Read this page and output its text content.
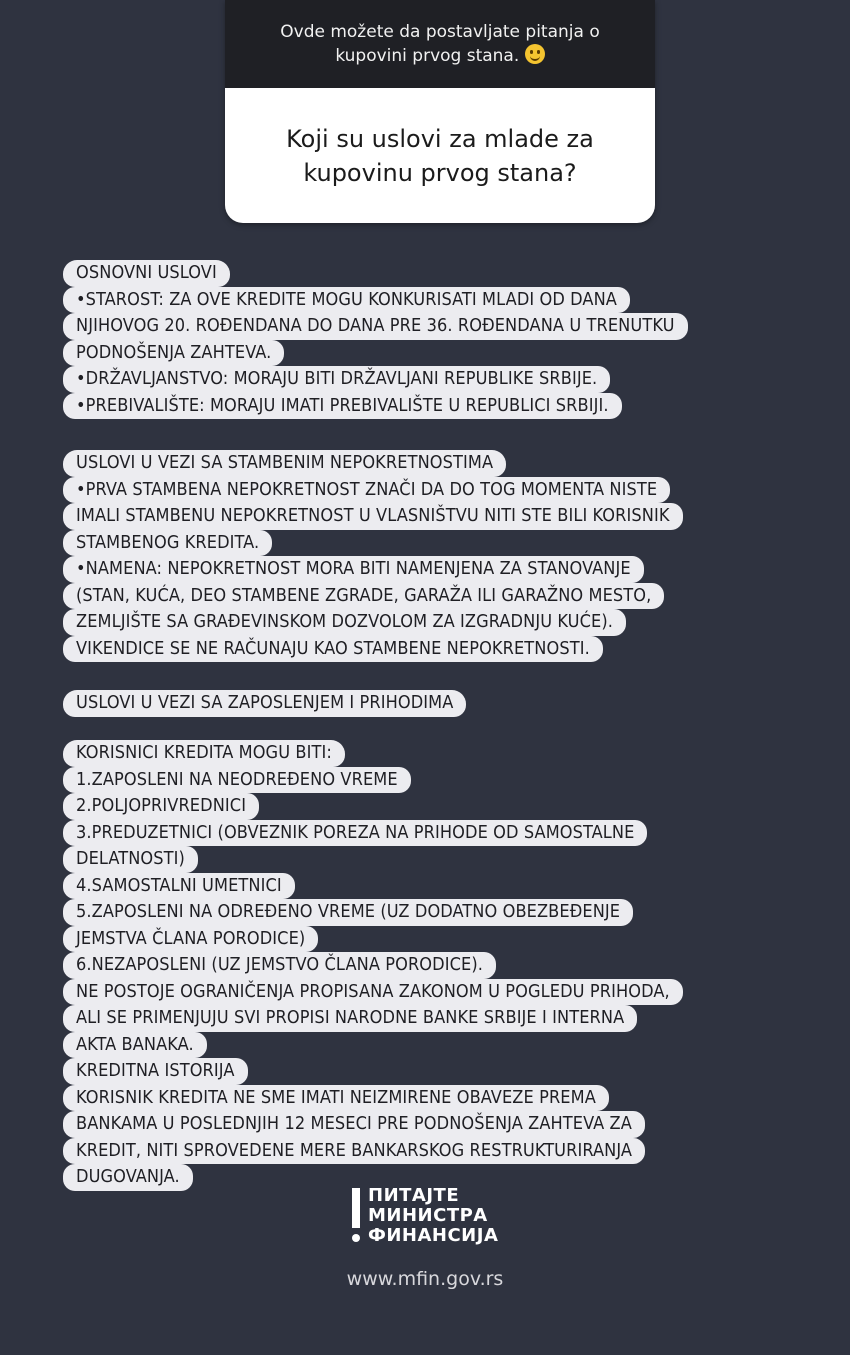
Ovde možete da postavljate pitanja o kupovini prvog stana.
Koji su uslovi za mlade za kupovinu prvog stana?
OSNOVNI USLOVI
•STAROST: ZA OVE KREDITE MOGU KONKURISATI MLADI OD DANA
NJIHOVOG 20. ROĐENDANA DO DANA PRE 36. ROĐENDANA U TRENUTKU
PODNOŠENJA ZAHTEVA.
•DRŽAVLJANSTVO: MORAJU BITI DRŽAVLJANI REPUBLIKE SRBIJE.
•PREBIVALIŠTE: MORAJU IMATI PREBIVALIŠTE U REPUBLICI SRBIJI.
USLOVI U VEZI SA STAMBENIM NEPOKRETNOSTIMA
•PRVA STAMBENA NEPOKRETNOST ZNAČI DA DO TOG MOMENTA NISTE
IMALI STAMBENU NEPOKRETNOST U VLASNIŠTVU NITI STE BILI KORISNIK
STAMBENOG KREDITA.
•NAMENA: NEPOKRETNOST MORA BITI NAMENJENA ZA STANOVANJE
(STAN, KUĆA, DEO STAMBENE ZGRADE, GARAŽA ILI GARAŽNO MESTO,
ZEMLJIŠTE SA GRAĐEVINSKOM DOZVOLOM ZA IZGRADNJU KUĆE).
VIKENDICE SE NE RAČUNAJU KAO STAMBENE NEPOKRETNOSTI.
USLOVI U VEZI SA ZAPOSLENJEM I PRIHODIMA
KORISNICI KREDITA MOGU BITI:
1.ZAPOSLENI NA NEODREĐENO VREME
2.POLJOPRIVREDNICI
3.PREDUZETNICI (OBVEZNIK POREZA NA PRIHODE OD SAMOSTALNE
DELATNOSTI)
4.SAMOSTALNI UMETNICI
5.ZAPOSLENI NA ODREĐENO VREME (UZ DODATNO OBEZBEĐENJE
JEMSTVA ČLANA PORODICE)
6.NEZAPOSLENI (UZ JEMSTVO ČLANA PORODICE).
NE POSTOJE OGRANIČENJA PROPISANA ZAKONOM U POGLEDU PRIHODA,
ALI SE PRIMENJUJU SVI PROPISI NARODNE BANKE SRBIJE I INTERNA
AKTA BANAKA.
KREDITNA ISTORIJA
KORISNIK KREDITA NE SME IMATI NEIZMIRENE OBAVEZE PREMA
BANKAMA U POSLEDNJIH 12 MESECI PRE PODNOŠENJA ZAHTEVA ZA
KREDIT, NITI SPROVEDENE MERE BANKARSKOG RESTRUKTURIRANJA
DUGOVANJA.
ПИТАЈТЕ
МИНИСТРА
ФИНАНСИЈА
www.mfin.gov.rs
